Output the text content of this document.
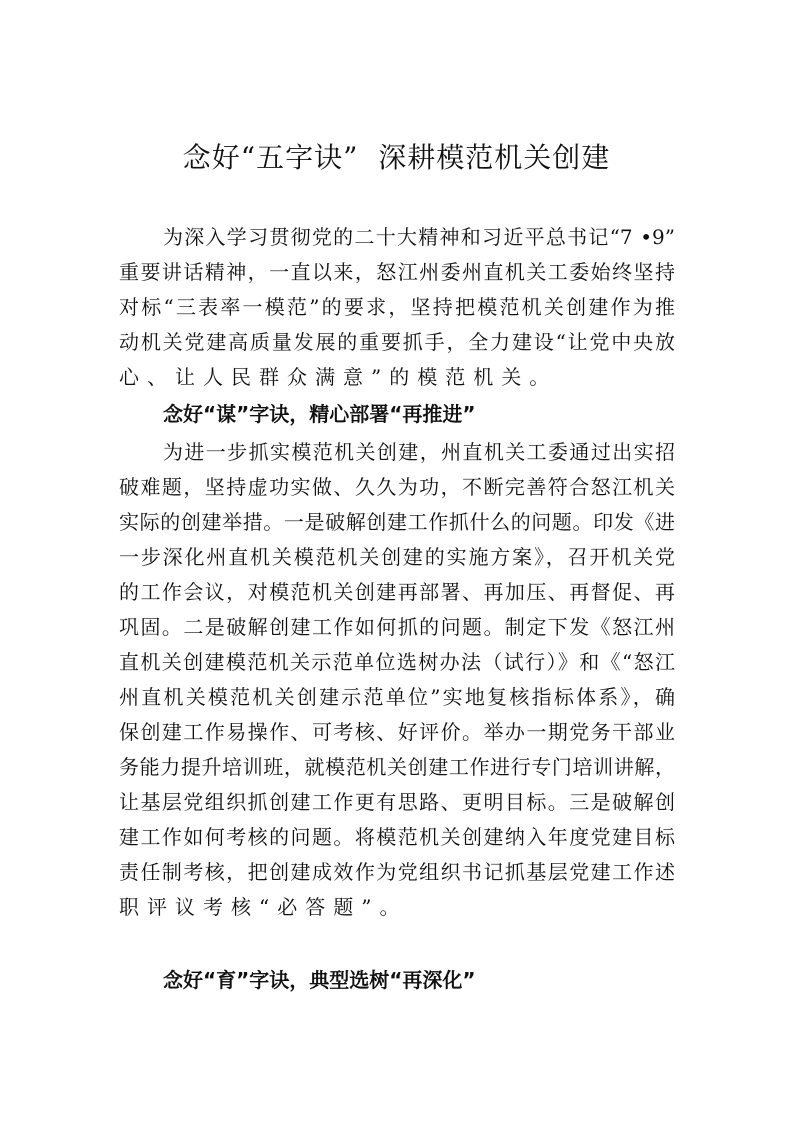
念好“五字诀”  深耕模范机关创建
为深入学习贯彻党的二十大精神和习近平总书记“7 •9”
重要讲话精神，一直以来，怒江州委州直机关工委始终坚持
对标“三表率一模范”的要求，坚持把模范机关创建作为推
动机关党建高质量发展的重要抓手，全力建设“让党中央放
心、让人民群众满意”的模范机关。
念好“谋”字诀，精心部署“再推进”
为进一步抓实模范机关创建，州直机关工委通过出实招
破难题，坚持虚功实做、久久为功，不断完善符合怒江机关
实际的创建举措。一是破解创建工作抓什么的问题。印发《进
一步深化州直机关模范机关创建的实施方案》，召开机关党
的工作会议，对模范机关创建再部署、再加压、再督促、再
巩固。二是破解创建工作如何抓的问题。制定下发《怒江州
直机关创建模范机关示范单位选树办法（试行）》和《“怒江
州直机关模范机关创建示范单位”实地复核指标体系》，确
保创建工作易操作、可考核、好评价。举办一期党务干部业
务能力提升培训班，就模范机关创建工作进行专门培训讲解，
让基层党组织抓创建工作更有思路、更明目标。三是破解创
建工作如何考核的问题。将模范机关创建纳入年度党建目标
责任制考核，把创建成效作为党组织书记抓基层党建工作述
职评议考核“必答题”。
念好“育”字诀，典型选树“再深化”
